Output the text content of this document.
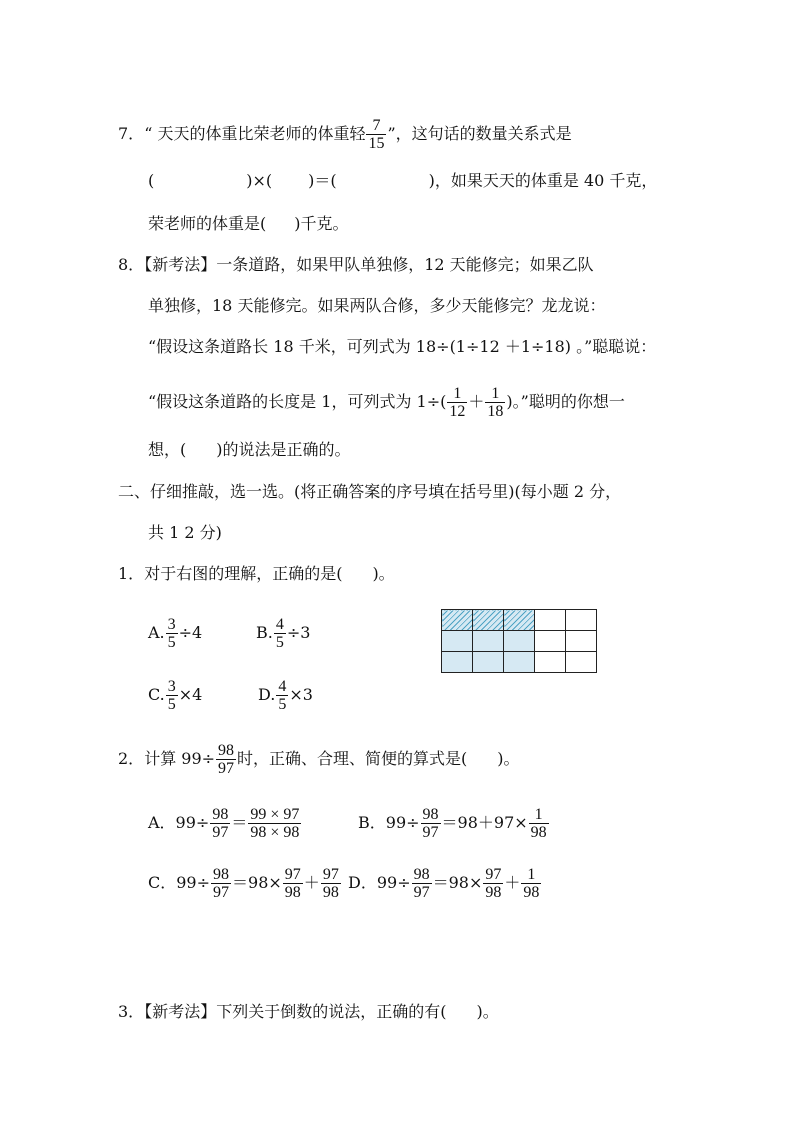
7．“ 天天的体重比荣老师的体重轻 $\frac{7}{15}$ ”，这句话的数量关系式是
(	)×( )＝(	)，如果天天的体重是 40 千克，
荣老师的体重是( )千克。
8．【新考法】一条道路，如果甲队单独修，12 天能修完；如果乙队
单独修，18 天能修完。如果两队合修，多少天能修完？龙龙说：
“假设这条道路长 18 千米，可列式为 18÷(1÷12 ＋1÷18) 。”聪聪说：
“假设这条道路的长度是 1，可列式为 $1\div( \frac{1}{12} + \frac{1}{18}$ )。”聪明的你想一
想，( )的说法是正确的。
二、仔细推敲，选一选。(将正确答案的序号填在括号里)(每小题 2 分，
共 1 2 分)
1．对于右图的理解，正确的是( )。
A. $\frac{3}{5} \div 4$	B. $\frac{4}{5} \div 3$
C. $\frac{3}{5} \times 4$	D. $\frac{4}{5} \times 3$

2．计算 $99\div \frac{98}{97}$ 时，正确、合理、简便的算式是( )。
A．$99\div \frac{98}{97} = \frac{99 \times 97}{98 \times 98}$	B．$99\div \frac{98}{97} =98+97\times \frac{1}{98}$
C．$99\div \frac{98}{97} =98\times \frac{97}{98} + \frac{97}{98}$ D．$99\div \frac{98}{97} =98\times \frac{97}{98} + \frac{1}{98}$
3．【新考法】下列关于倒数的说法，正确的有( )。
